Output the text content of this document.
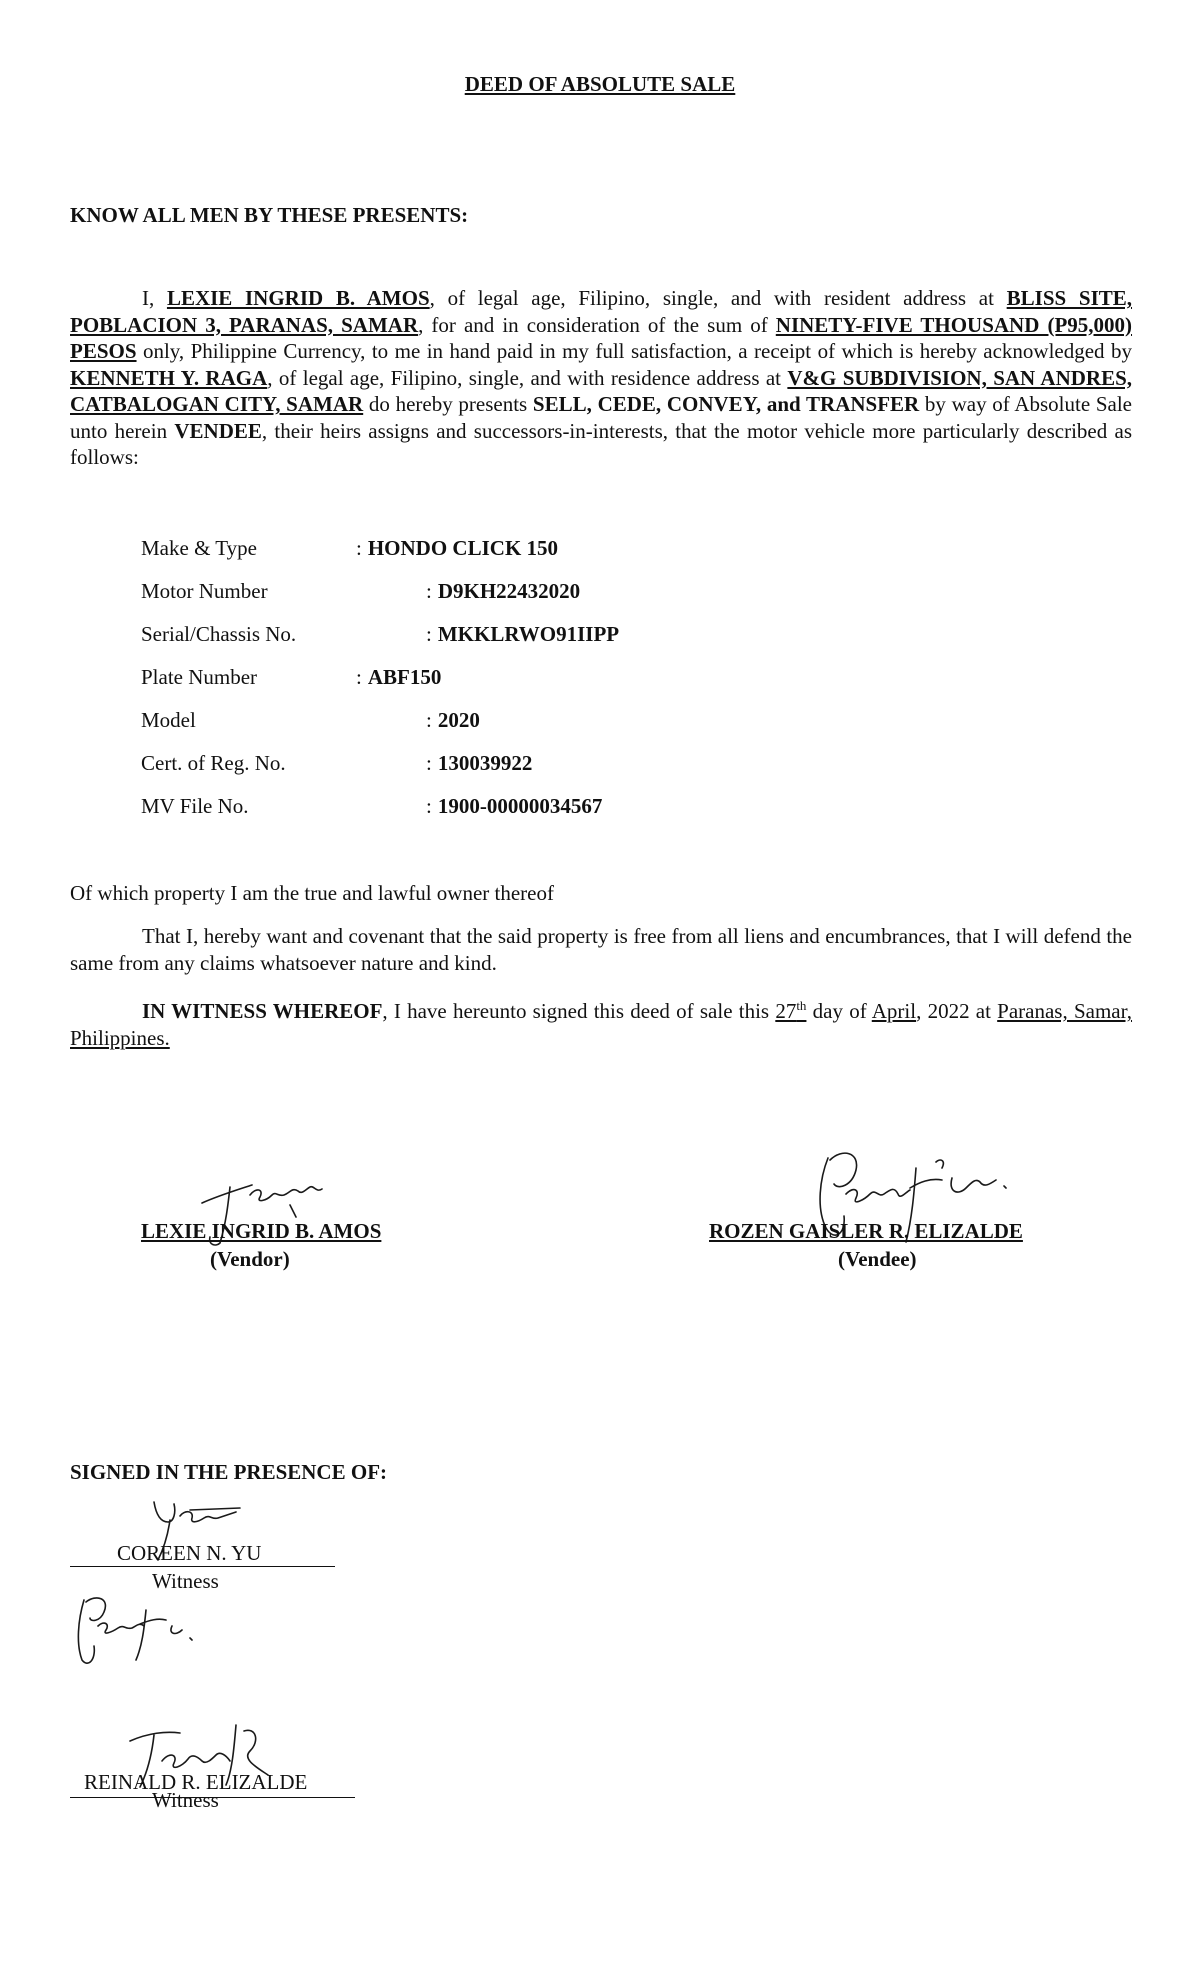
DEED OF ABSOLUTE SALE
KNOW ALL MEN BY THESE PRESENTS:
I, LEXIE INGRID B. AMOS, of legal age, Filipino, single, and with resident address at BLISS SITE, POBLACION 3, PARANAS, SAMAR, for and in consideration of the sum of NINETY-FIVE THOUSAND (P95,000) PESOS only, Philippine Currency, to me in hand paid in my full satisfaction, a receipt of which is hereby acknowledged by KENNETH Y. RAGA, of legal age, Filipino, single, and with residence address at V&G SUBDIVISION, SAN ANDRES, CATBALOGAN CITY, SAMAR do hereby presents SELL, CEDE, CONVEY, and TRANSFER by way of Absolute Sale unto herein VENDEE, their heirs assigns and successors-in-interests, that the motor vehicle more particularly described as follows:
Make & Type	: HONDO CLICK 150
Motor Number	: D9KH22432020
Serial/Chassis No.	: MKKLRWO91IIPP
Plate Number	: ABF150
Model	: 2020
Cert. of Reg. No.	: 130039922
MV File No.	: 1900-00000034567
Of which property I am the true and lawful owner thereof
That I, hereby want and covenant that the said property is free from all liens and encumbrances, that I will defend the same from any claims whatsoever nature and kind.
IN WITNESS WHEREOF, I have hereunto signed this deed of sale this 27th day of April, 2022 at Paranas, Samar, Philippines.
LEXIE INGRID B. AMOS
(Vendor)
ROZEN GAISLER R. ELIZALDE
(Vendee)
SIGNED IN THE PRESENCE OF:
COREEN N. YU
Witness
REINALD R. ELIZALDE
Witness
